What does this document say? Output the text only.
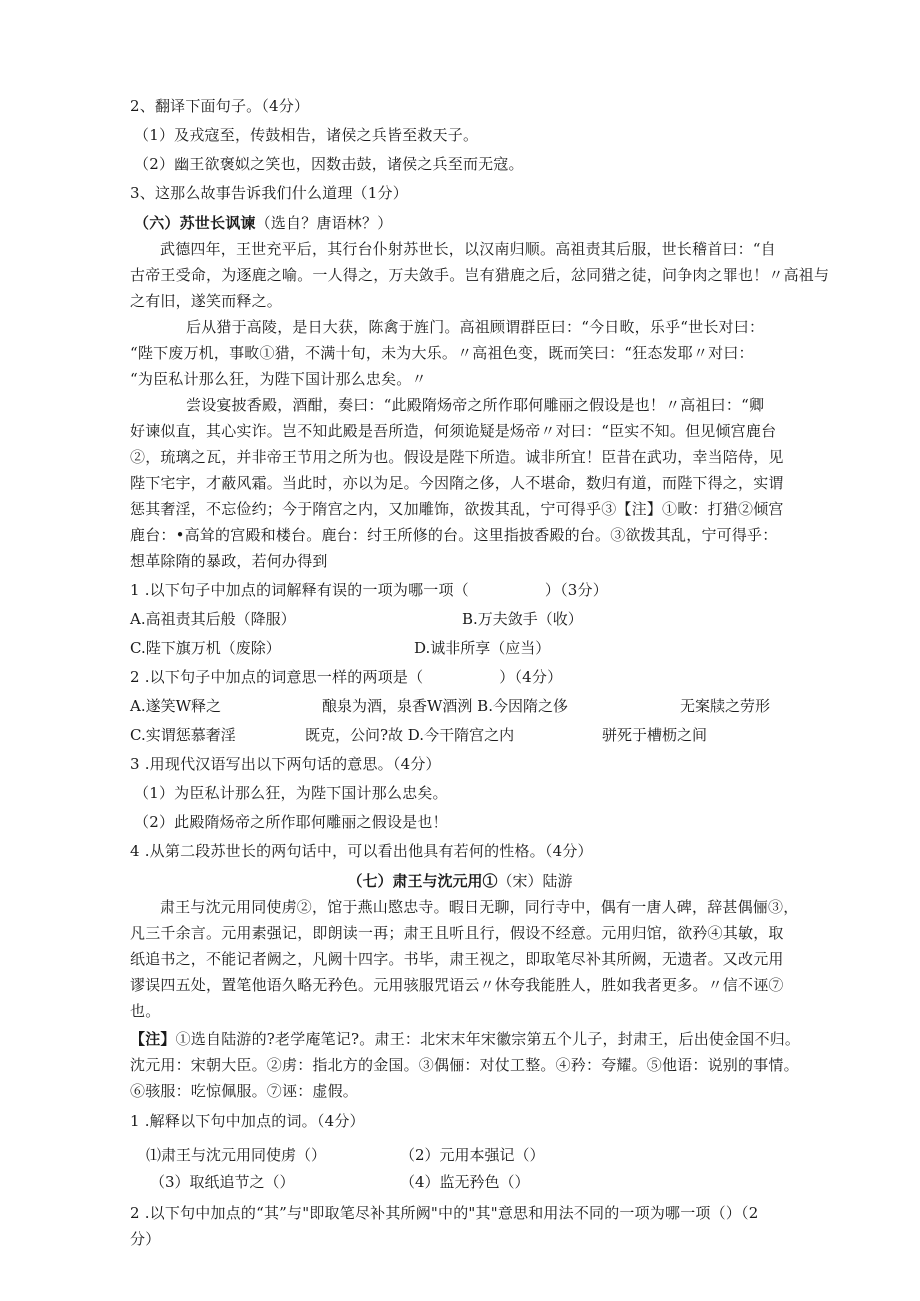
2、翻译下面句子。（4分）
（1）及戎寇至，传鼓相告，诸侯之兵皆至救天子。
（2）幽王欲褒姒之笑也，因数击鼓，诸侯之兵至而无寇。
3、这那么故事告诉我们什么道理（1分）
（六）苏世长讽谏（选自？唐语林？）
武德四年，王世充平后，其行台仆射苏世长，以汉南归顺。高祖责其后服，世长稽首曰：“自
古帝王受命，为逐鹿之喻。一人得之，万夫敛手。岂有猎鹿之后，忿同猎之徒，问争肉之罪也！〃高祖与
之有旧，遂笑而释之。
后从猎于高陵，是日大获，陈禽于旌门。高祖顾谓群臣曰：“今日畋，乐乎“世长对曰：
“陛下废万机，事畋①猎，不满十旬，未为大乐。〃高祖色变，既而笑曰：“狂态发耶〃对曰：
“为臣私计那么狂，为陛下国计那么忠矣。〃
尝设宴披香殿，酒酣，奏曰：“此殿隋炀帝之所作耶何雕丽之假设是也！〃高祖曰：“卿
好谏似直，其心实诈。岂不知此殿是吾所造，何须诡疑是炀帝〃对曰：“臣实不知。但见倾宫鹿台
②，琉璃之瓦，并非帝王节用之所为也。假设是陛下所造。诚非所宜！臣昔在武功，幸当陪侍，见
陛下宅宇，才蔽风霜。当此时，亦以为足。今因隋之侈，人不堪命，数归有道，而陛下得之，实谓
惩其奢淫，不忘俭约；今于隋宫之内，又加雕饰，欲拨其乱，宁可得乎③【注】①畋：打猎②倾宫
鹿台：•高耸的宫殿和楼台。鹿台：纣王所修的台。这里指披香殿的台。③欲拨其乱，宁可得乎：
想革除隋的暴政，若何办得到
1 .以下句子中加点的词解释有误的一项为哪一项（　　　　　）（3分）
A.高祖责其后般（降服）	B.万夫敛手（收）
C.陛下旗万机（废除）	D.诚非所享（应当）
2 .以下句子中加点的词意思一样的两项是（　　　　　）（4分）
A.遂笑W释之	酿泉为酒，泉香W酒洌 B.今因隋之侈	无案牍之劳形
C.实谓惩慕奢淫	既克，公问?故 D.今干隋宫之内	骈死于槽枥之间
3 .用现代汉语写出以下两句话的意思。（4分）
（1）为臣私计那么狂，为陛下国计那么忠矣。
（2）此殿隋炀帝之所作耶何雕丽之假设是也！
4 .从第二段苏世长的两句话中，可以看出他具有若何的性格。（4分）
（七）肃王与沈元用①（宋）陆游
肃王与沈元用同使虏②，馆于燕山愍忠寺。暇日无聊，同行寺中，偶有一唐人碑，辞甚偶俪③，
凡三千余言。元用素强记，即朗读一再；肃王且听且行，假设不经意。元用归馆，欲矜④其敏，取
纸追书之，不能记者阙之，凡阙十四字。书毕，肃王视之，即取笔尽补其所阙，无遗者。又改元用
谬误四五处，置笔他语久略无矜色。元用骇服咒语云〃休夸我能胜人，胜如我者更多。〃信不诬⑦
也。
【注】①选自陆游的?老学庵笔记?。肃王：北宋末年宋徽宗第五个儿子，封肃王，后出使金国不归。
沈元用：宋朝大臣。②虏：指北方的金国。③偶俪：对仗工整。④矜：夸耀。⑤他语：说别的事情。
⑥骇服：吃惊佩服。⑦诬：虚假。
1 .解释以下句中加点的词。（4分）
⑴肃王与沈元用同使虏（）	（2）元用本强记（）
（3）取纸追节之（）	（4）监无矜色（）
2 .以下句中加点的“其”与"即取笔尽补其所阙"中的"其"意思和用法不同的一项为哪一项（）（2
分）
